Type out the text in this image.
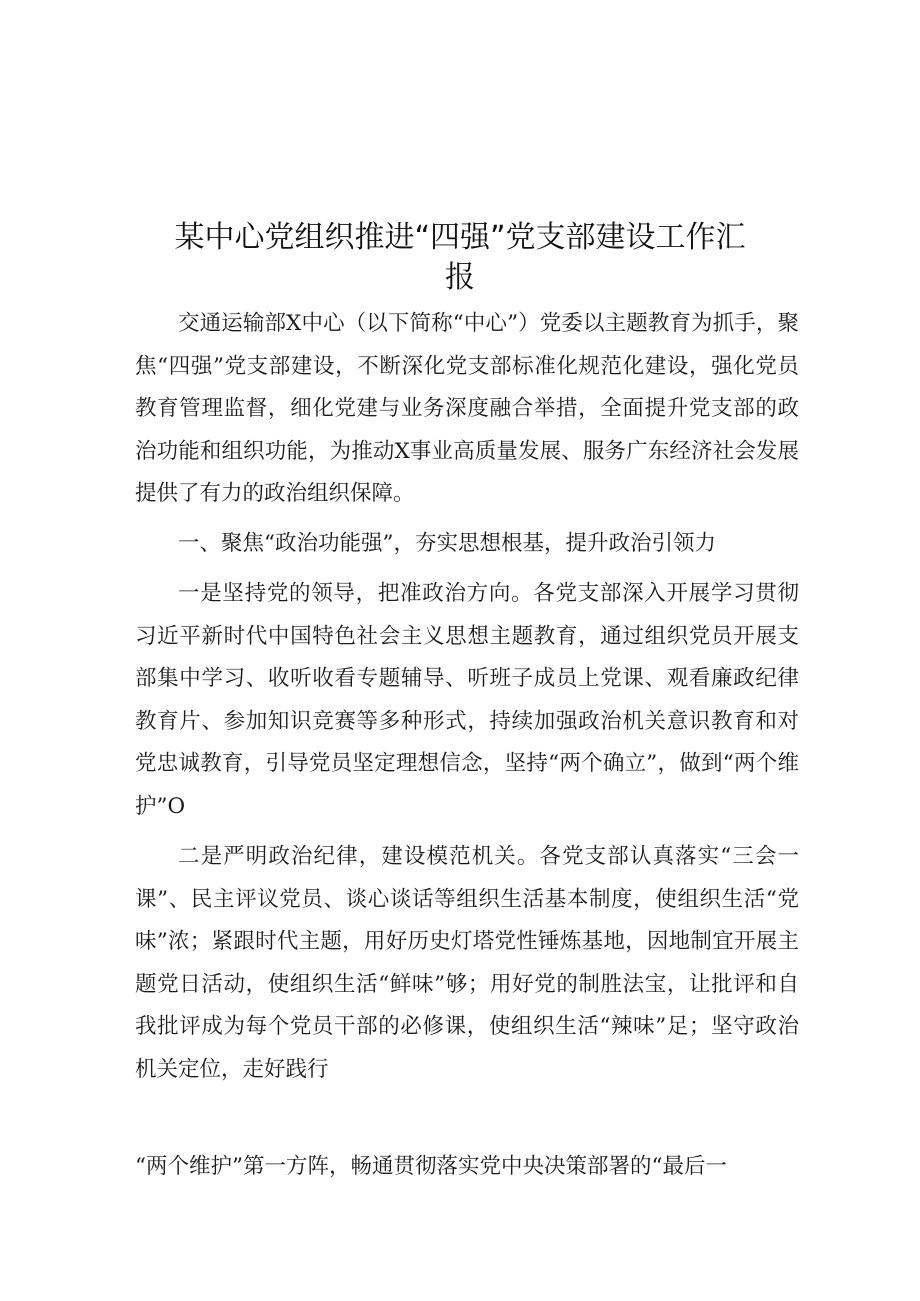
某中心党组织推进“四强”党支部建设工作汇
报

交通运输部X中心（以下简称“中心”）党委以主题教育为抓手，聚焦“四强”党支部建设，不断深化党支部标准化规范化建设，强化党员教育管理监督，细化党建与业务深度融合举措，全面提升党支部的政治功能和组织功能，为推动X事业高质量发展、服务广东经济社会发展提供了有力的政治组织保障。

一、聚焦“政治功能强”，夯实思想根基，提升政治引领力

一是坚持党的领导，把准政治方向。各党支部深入开展学习贯彻习近平新时代中国特色社会主义思想主题教育，通过组织党员开展支部集中学习、收听收看专题辅导、听班子成员上党课、观看廉政纪律教育片、参加知识竞赛等多种形式，持续加强政治机关意识教育和对党忠诚教育，引导党员坚定理想信念，坚持“两个确立”，做到“两个维护”O

二是严明政治纪律，建设模范机关。各党支部认真落实“三会一课”、民主评议党员、谈心谈话等组织生活基本制度，使组织生活“党味”浓；紧跟时代主题，用好历史灯塔党性锤炼基地，因地制宜开展主题党日活动，使组织生活“鲜味”够；用好党的制胜法宝，让批评和自我批评成为每个党员干部的必修课，使组织生活“辣味”足；坚守政治机关定位，走好践行

“两个维护”第一方阵，畅通贯彻落实党中央决策部署的“最后一
